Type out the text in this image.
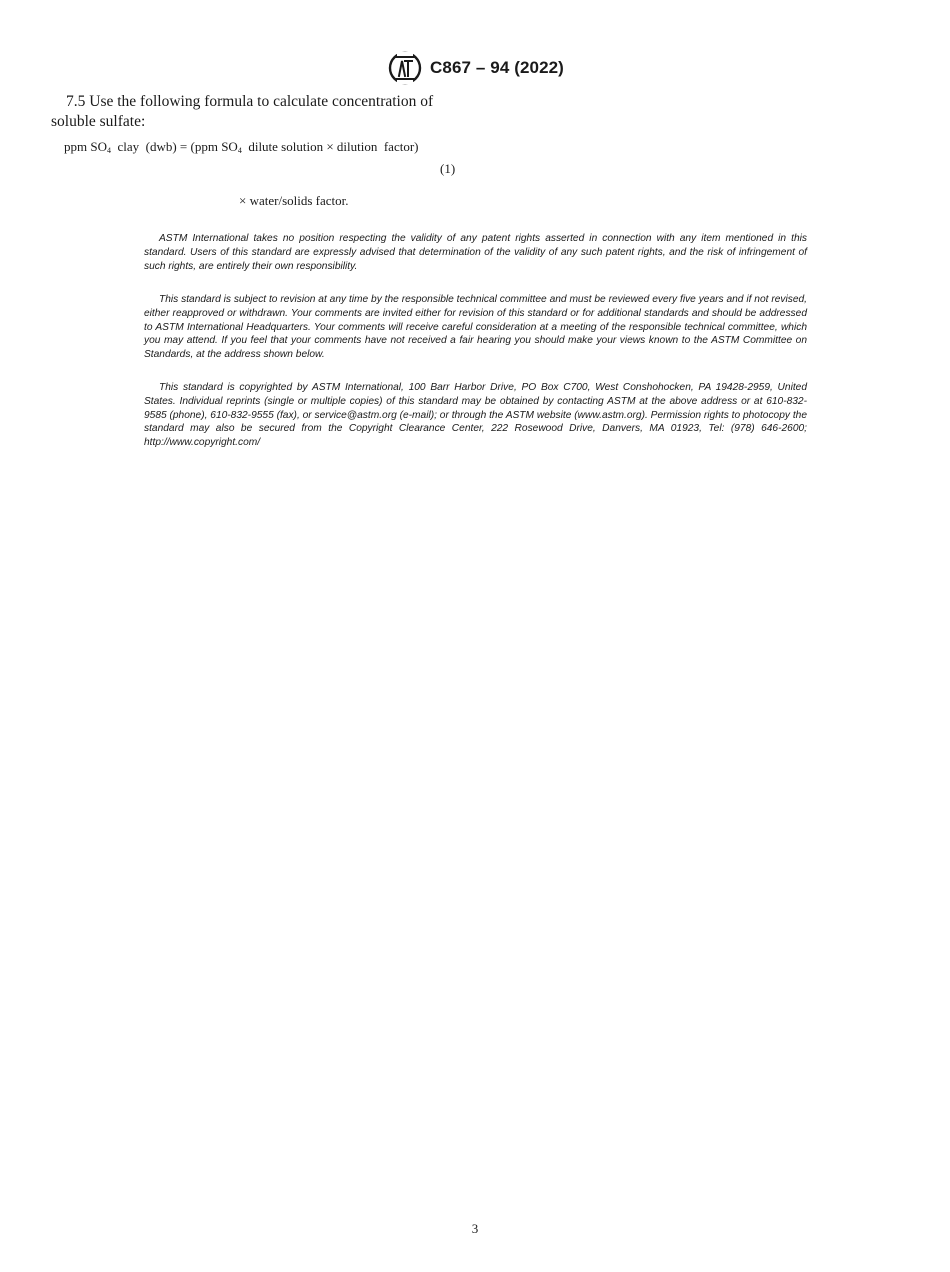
C867 – 94 (2022)
7.5 Use the following formula to calculate concentration of soluble sulfate:
ppm $SO_4$  clay  (dwb) = (ppm $SO_4$  dilute solution × dilution  factor)
(1)
× water/solids factor.

ASTM International takes no position respecting the validity of any patent rights asserted in connection with any item mentioned in this standard. Users of this standard are expressly advised that determination of the validity of any such patent rights, and the risk of infringement of such rights, are entirely their own responsibility.

This standard is subject to revision at any time by the responsible technical committee and must be reviewed every five years and if not revised, either reapproved or withdrawn. Your comments are invited either for revision of this standard or for additional standards and should be addressed to ASTM International Headquarters. Your comments will receive careful consideration at a meeting of the responsible technical committee, which you may attend. If you feel that your comments have not received a fair hearing you should make your views known to the ASTM Committee on Standards, at the address shown below.

This standard is copyrighted by ASTM International, 100 Barr Harbor Drive, PO Box C700, West Conshohocken, PA 19428-2959, United States. Individual reprints (single or multiple copies) of this standard may be obtained by contacting ASTM at the above address or at 610-832-9585 (phone), 610-832-9555 (fax), or service@astm.org (e-mail); or through the ASTM website (www.astm.org). Permission rights to photocopy the standard may also be secured from the Copyright Clearance Center, 222 Rosewood Drive, Danvers, MA 01923, Tel: (978) 646-2600; http://www.copyright.com/

3
